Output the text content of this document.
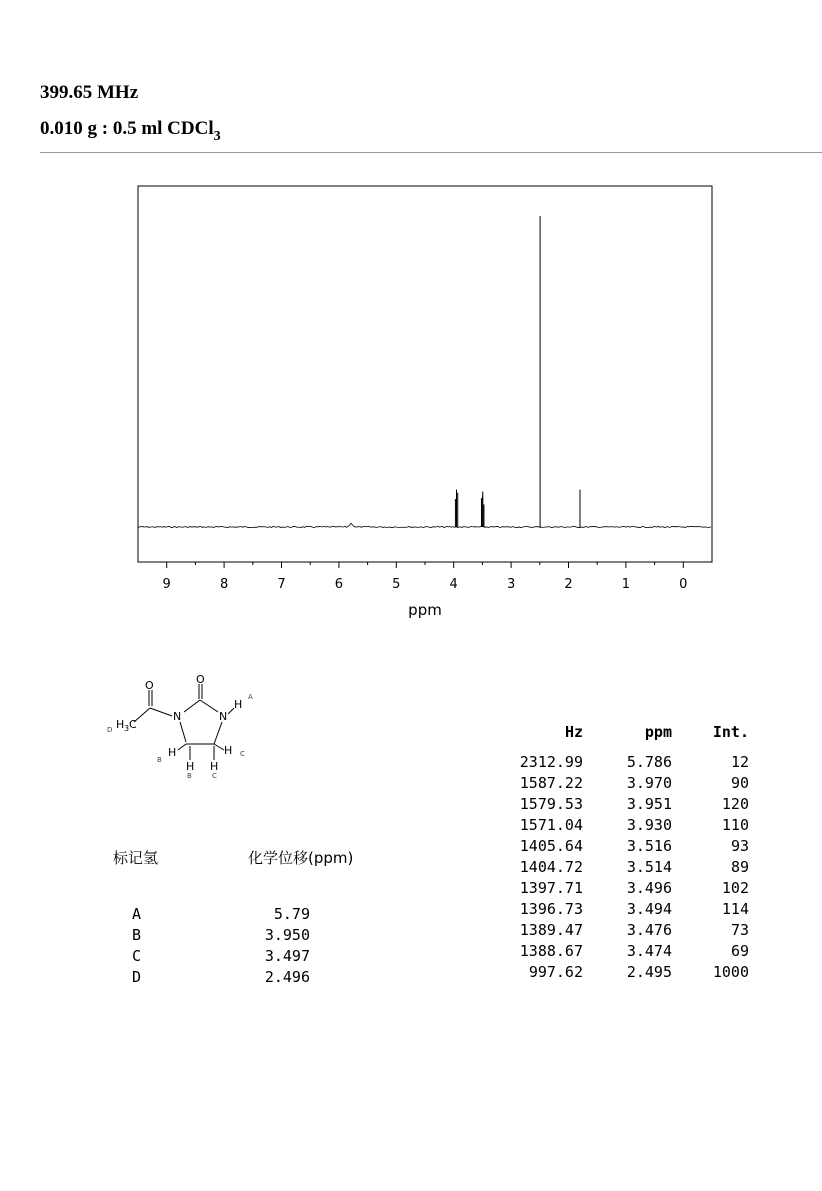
399.65 MHz
0.010 g : 0.5 ml CDCl$_3$
9	8	7	6	5	4	3	2	1	0
ppm
O	O
N	N
H
A
H 3 C
D
H
B H
B
H C
H
C
标记氢	化学位移(ppm)
A	5.79
B	3.950
C	3.497
D	2.496
Hz	ppm	Int.
2312.99	5.786	12
1587.22	3.970	90
1579.53	3.951	120
1571.04	3.930	110
1405.64	3.516	93
1404.72	3.514	89
1397.71	3.496	102
1396.73	3.494	114
1389.47	3.476	73
1388.67	3.474	69
997.62	2.495	1000
